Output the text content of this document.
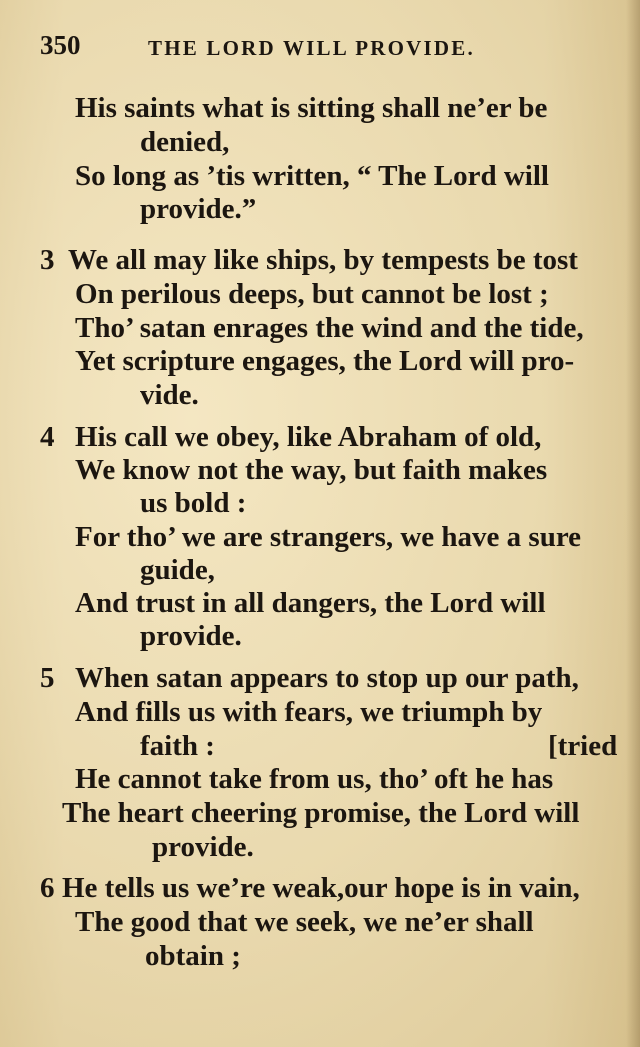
350	THE LORD WILL PROVIDE.
His saints what is sitting shall ne’er be
denied,
So long as ’tis written, “ The Lord will
provide.”
3 We all may like ships, by tempests be tost
On perilous deeps, but cannot be lost ;
Tho’ satan enrages the wind and the tide,
Yet scripture engages, the Lord will pro-
vide.
4 His call we obey, like Abraham of old,
We know not the way, but faith makes
us bold :
For tho’ we are strangers, we have a sure
guide,
And trust in all dangers, the Lord will
provide.
5 When satan appears to stop up our path,
And fills us with fears, we triumph by
faith :	[tried
He cannot take from us, tho’ oft he has
The heart cheering promise, the Lord will
provide.
6 He tells us we’re weak,our hope is in vain,
The good that we seek, we ne’er shall
obtain ;
